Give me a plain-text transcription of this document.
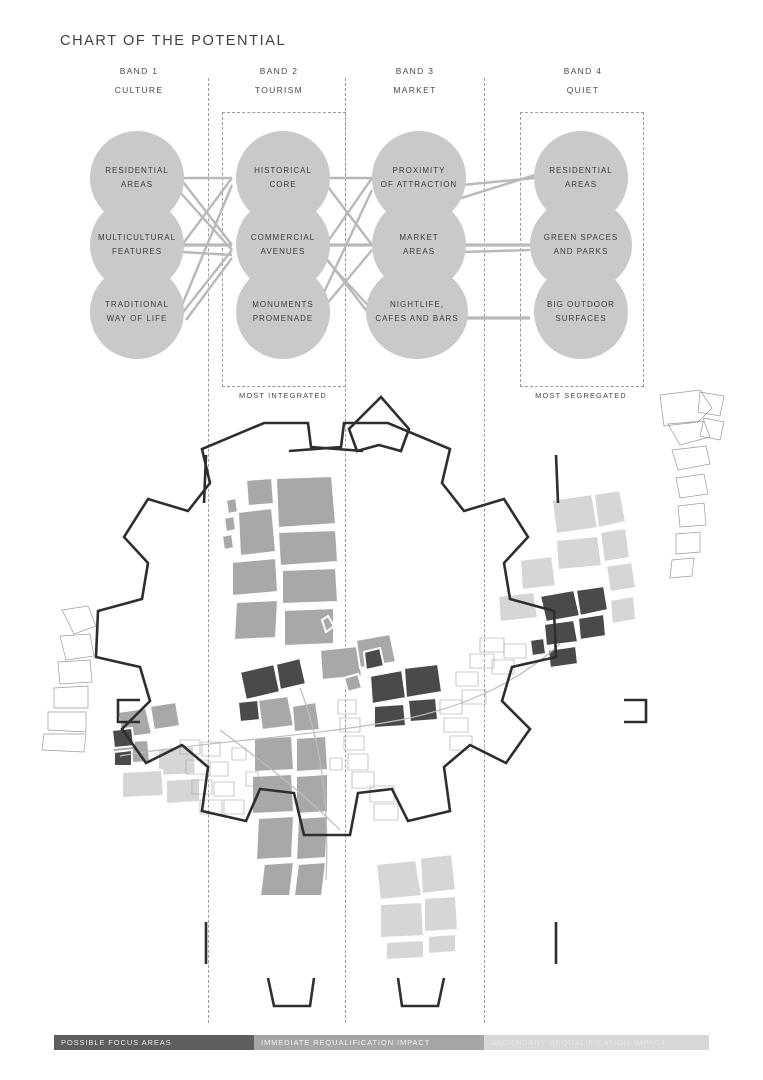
CHART OF THE POTENTIAL
BAND 1
CULTURE
BAND 2
TOURISM
BAND 3
MARKET
BAND 4
QUIET
MOST INTEGRATED	MOST SEGREGATED
RESIDENTIAL
AREAS
MULTICULTURAL
FEATURES
TRADITIONAL
WAY OF LIFE
HISTORICAL
CORE
COMMERCIAL
AVENUES
MONUMENTS
PROMENADE
PROXIMITY
OF ATTRACTION
MARKET
AREAS
NIGHTLIFE,
CAFES AND BARS
RESIDENTIAL
AREAS
GREEN SPACES
AND PARKS
BIG OUTDOOR
SURFACES
POSSIBLE FOCUS AREAS	IMMEDIATE REQUALIFICATION IMPACT	SECONDARY REQUALIFICATION IMPACT
